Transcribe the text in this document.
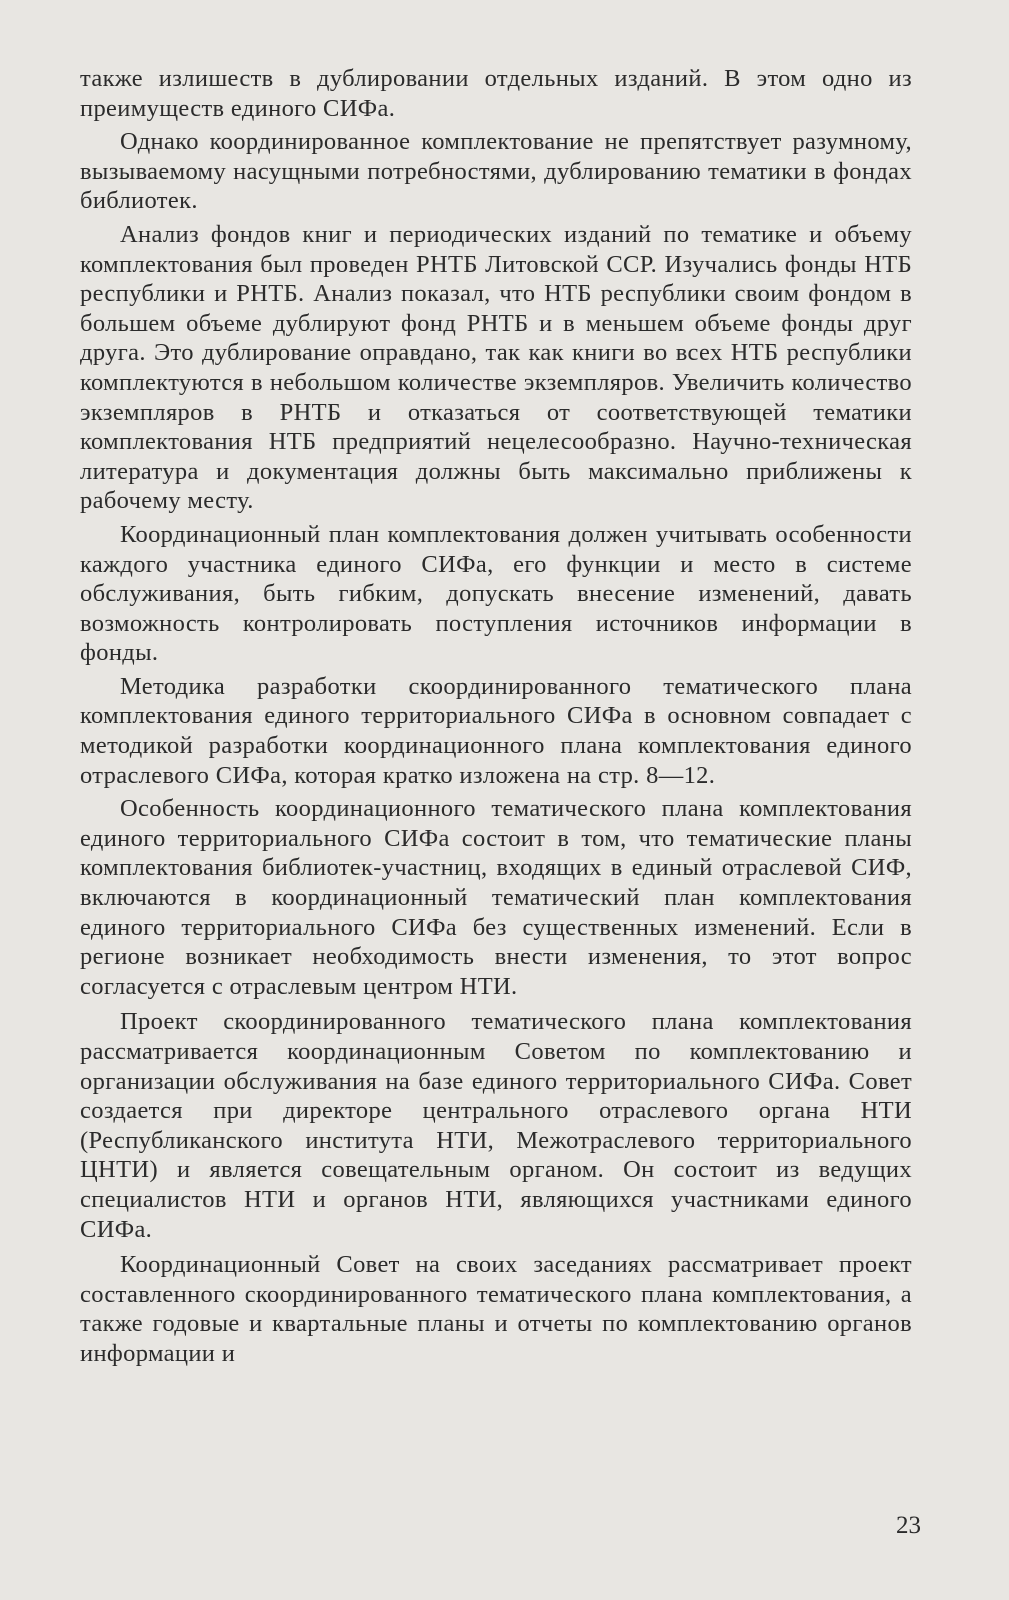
также излишеств в дублировании отдельных изданий. В этом одно из преимуществ единого СИФа.

Однако координированное комплектование не препятствует разумному, вызываемому насущными потребностями, дублированию тематики в фондах библиотек.

Анализ фондов книг и периодических изданий по тематике и объему комплектования был проведен РНТБ Литовской ССР. Изучались фонды НТБ республики и РНТБ. Анализ показал, что НТБ республики своим фондом в большем объеме дублируют фонд РНТБ и в меньшем объеме фонды друг друга. Это дублирование оправдано, так как книги во всех НТБ республики комплектуются в небольшом количестве экземпляров. Увеличить количество экземпляров в РНТБ и отказаться от соответствующей тематики комплектования НТБ предприятий нецелесообразно. Научно-техническая литература и документация должны быть максимально приближены к рабочему месту.

Координационный план комплектования должен учитывать особенности каждого участника единого СИФа, его функции и место в системе обслуживания, быть гибким, допускать внесение изменений, давать возможность контролировать поступления источников информации в фонды.

Методика разработки скоординированного тематического плана комплектования единого территориального СИФа в основном совпадает с методикой разработки координационного плана комплектования единого отраслевого СИФа, которая кратко изложена на стр. 8—12.

Особенность координационного тематического плана комплектования единого территориального СИФа состоит в том, что тематические планы комплектования библиотек-участниц, входящих в единый отраслевой СИФ, включаются в координационный тематический план комплектования единого территориального СИФа без существенных изменений. Если в регионе возникает необходимость внести изменения, то этот вопрос согласуется с отраслевым центром НТИ.

Проект скоординированного тематического плана комплектования рассматривается координационным Советом по комплектованию и организации обслуживания на базе единого территориального СИФа. Совет создается при директоре центрального отраслевого органа НТИ (Республиканского института НТИ, Межотраслевого территориального ЦНТИ) и является совещательным органом. Он состоит из ведущих специалистов НТИ и органов НТИ, являющихся участниками единого СИФа.

Координационный Совет на своих заседаниях рассматривает проект составленного скоординированного тематического плана комплектования, а также годовые и квартальные планы и отчеты по комплектованию органов информации и

23
